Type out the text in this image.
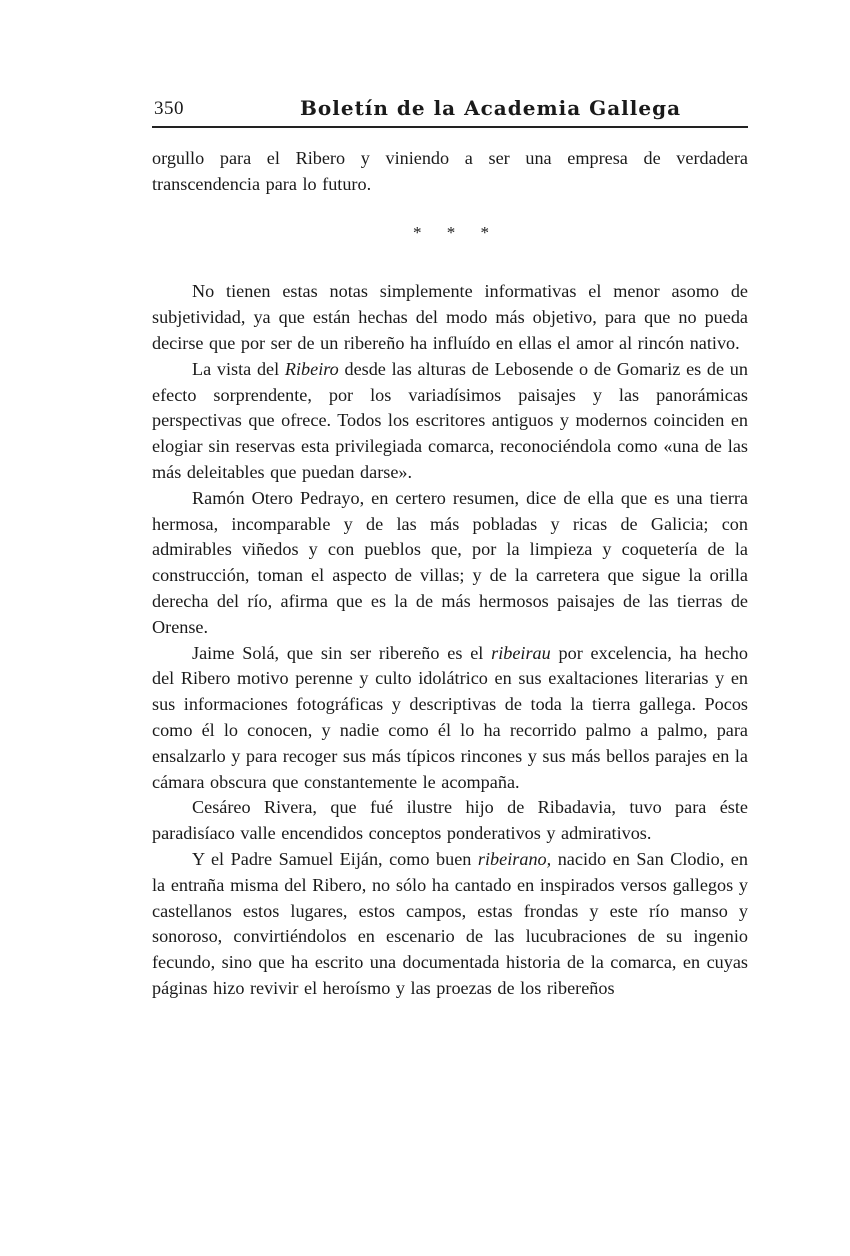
350	Boletín de la Academia Gallega

orgullo para el Ribero y viniendo a ser una empresa de verdadera transcendencia para lo futuro.

* * *

No tienen estas notas simplemente informativas el menor asomo de subjetividad, ya que están hechas del modo más objetivo, para que no pueda decirse que por ser de un ribereño ha influído en ellas el amor al rincón nativo.

La vista del Ribeiro desde las alturas de Lebosende o de Gomariz es de un efecto sorprendente, por los variadísimos paisajes y las panorámicas perspectivas que ofrece. Todos los escritores antiguos y modernos coinciden en elogiar sin reservas esta privilegiada comarca, reconociéndola como «una de las más deleitables que puedan darse».

Ramón Otero Pedrayo, en certero resumen, dice de ella que es una tierra hermosa, incomparable y de las más pobladas y ricas de Galicia; con admirables viñedos y con pueblos que, por la limpieza y coquetería de la construcción, toman el aspecto de villas; y de la carretera que sigue la orilla derecha del río, afirma que es la de más hermosos paisajes de las tierras de Orense.

Jaime Solá, que sin ser ribereño es el ribeirau por excelencia, ha hecho del Ribero motivo perenne y culto idolátrico en sus exaltaciones literarias y en sus informaciones fotográficas y descriptivas de toda la tierra gallega. Pocos como él lo conocen, y nadie como él lo ha recorrido palmo a palmo, para ensalzarlo y para recoger sus más típicos rincones y sus más bellos parajes en la cámara obscura que constantemente le acompaña.

Cesáreo Rivera, que fué ilustre hijo de Ribadavia, tuvo para éste paradisíaco valle encendidos conceptos ponderativos y admirativos.

Y el Padre Samuel Eiján, como buen ribeirano, nacido en San Clodio, en la entraña misma del Ribero, no sólo ha cantado en inspirados versos gallegos y castellanos estos lugares, estos campos, estas frondas y este río manso y sonoroso, convirtiéndolos en escenario de las lucubraciones de su ingenio fecundo, sino que ha escrito una documentada historia de la comarca, en cuyas páginas hizo revivir el heroísmo y las proezas de los ribereños
